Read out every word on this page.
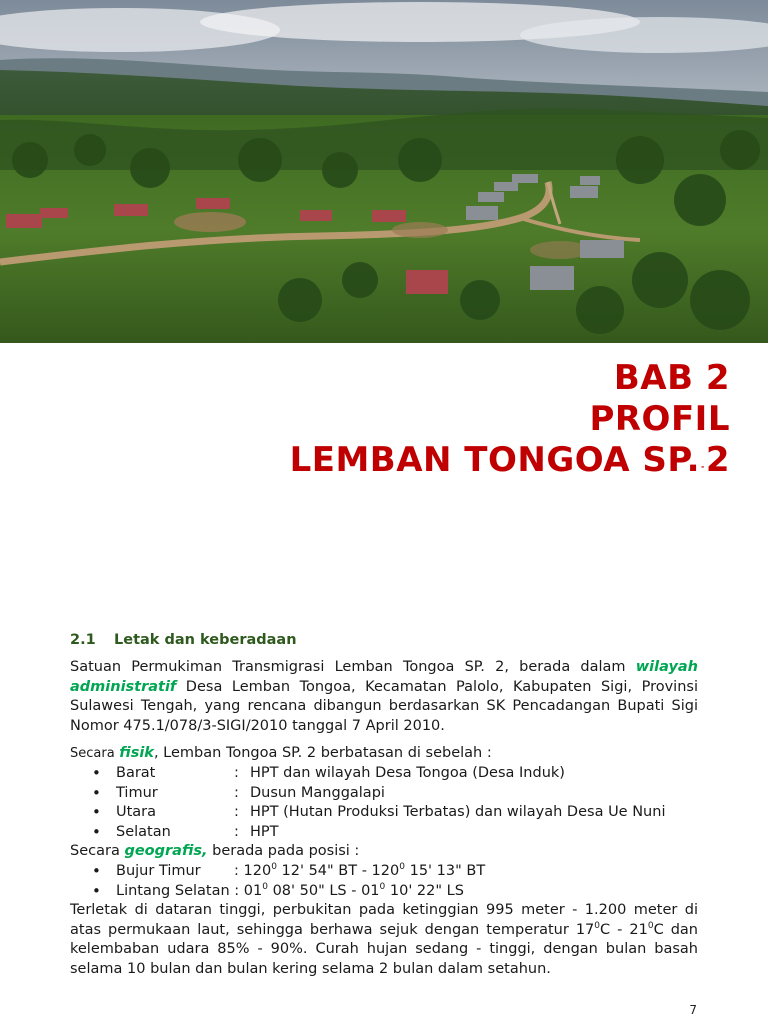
BAB 2
PROFIL
LEMBAN TONGOA SP.-2
2.1 Letak dan keberadaan

Satuan Permukiman Transmigrasi Lemban Tongoa SP. 2, berada dalam wilayah administratif Desa Lemban Tongoa, Kecamatan Palolo, Kabupaten Sigi, Provinsi Sulawesi Tengah, yang rencana dibangun berdasarkan SK Pencadangan Bupati Sigi Nomor 475.1/078/3-SIGI/2010 tanggal 7 April 2010.

Secara fisik, Lemban Tongoa SP. 2 berbatasan di sebelah :

• Barat	: HPT dan wilayah Desa Tongoa (Desa Induk)
• Timur	: Dusun Manggalapi
• Utara	: HPT (Hutan Produksi Terbatas) dan wilayah Desa Ue Nuni
• Selatan	: HPT

Secara geografis, berada pada posisi :

• Bujur Timur : $120^0$ 12' 54" BT - $120^0$ 15' 13" BT
• Lintang Selatan : $01^0$ 08' 50" LS - $01^0$ 10' 22" LS

Terletak di dataran tinggi, perbukitan pada ketinggian 995 meter - 1.200 meter di atas permukaan laut, sehingga berhawa sejuk dengan temperatur $17^0C - 21^0C$ dan kelembaban udara 85% - 90%. Curah hujan sedang - tinggi, dengan bulan basah selama 10 bulan dan bulan kering selama 2 bulan dalam setahun.

7
